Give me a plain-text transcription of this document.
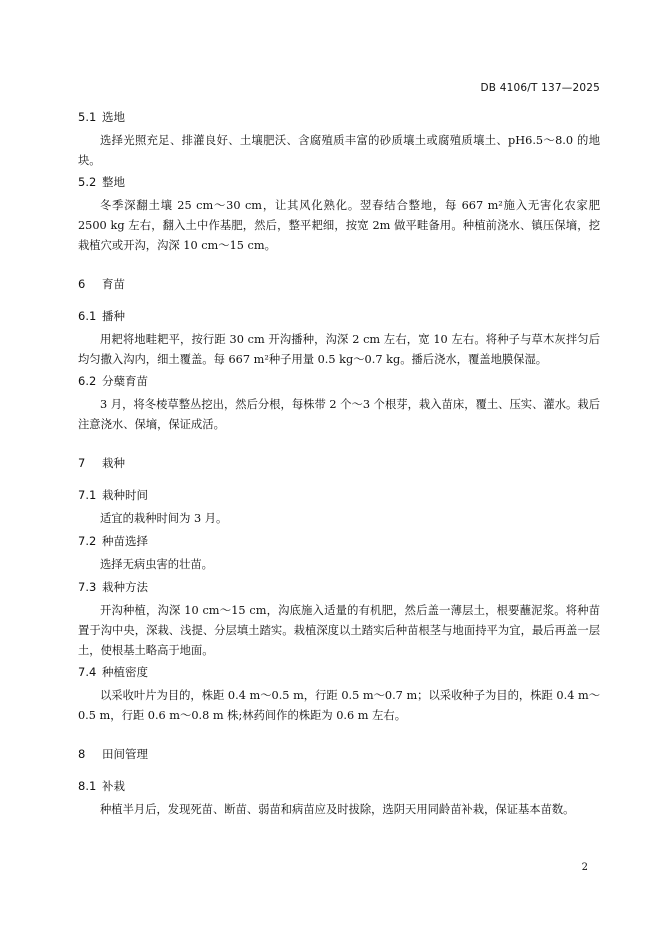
DB 4106/T 137—2025
5.1 选地

选择光照充足、排灌良好、土壤肥沃、含腐殖质丰富的砂质壤土或腐殖质壤土、pH6.5～8.0 的地块。

5.2 整地

冬季深翻土壤 25 cm～30 cm，让其风化熟化。翌春结合整地，每 667 m²施入无害化农家肥 2500 kg 左右，翻入土中作基肥，然后，整平耙细，按宽 2m 做平畦备用。种植前浇水、镇压保墒，挖栽植穴或开沟，沟深 10 cm～15 cm。

6 育苗
6.1 播种

用耙将地畦耙平，按行距 30 cm 开沟播种，沟深 2 cm 左右，宽 10 左右。将种子与草木灰拌匀后均匀撒入沟内，细土覆盖。每 667 m²种子用量 0.5 kg～0.7 kg。播后浇水，覆盖地膜保湿。

6.2 分蘖育苗

3 月，将冬棱草整丛挖出，然后分根，每株带 2 个～3 个根芽，栽入苗床，覆土、压实、灌水。栽后注意浇水、保墒，保证成活。

7 栽种
7.1 栽种时间

适宜的栽种时间为 3 月。

7.2 种苗选择

选择无病虫害的壮苗。

7.3 栽种方法

开沟种植，沟深 10 cm～15 cm，沟底施入适量的有机肥，然后盖一薄层土，根要蘸泥浆。将种苗置于沟中央，深栽、浅提、分层填土踏实。栽植深度以土踏实后种苗根茎与地面持平为宜，最后再盖一层土，使根基土略高于地面。

7.4 种植密度

以采收叶片为目的，株距 0.4 m～0.5 m，行距 0.5 m～0.7 m；以采收种子为目的，株距 0.4 m～0.5 m，行距 0.6 m～0.8 m 株;林药间作的株距为 0.6 m 左右。

8 田间管理
8.1 补栽

种植半月后，发现死苗、断苗、弱苗和病苗应及时拔除，选阴天用同龄苗补栽，保证基本苗数。

2
